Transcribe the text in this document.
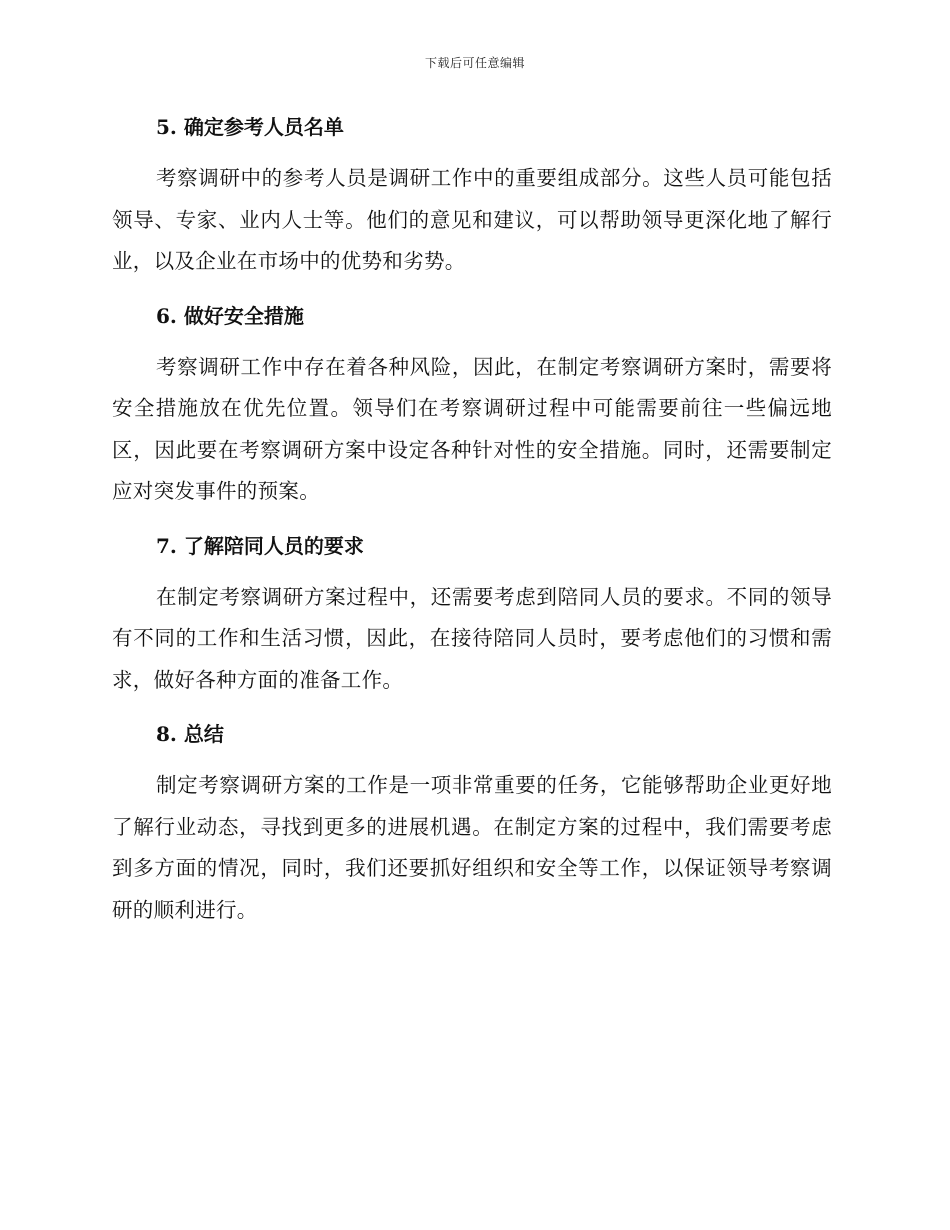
下载后可任意编辑
5. 确定参考人员名单

考察调研中的参考人员是调研工作中的重要组成部分。这些人员可能包括领导、专家、业内人士等。他们的意见和建议，可以帮助领导更深化地了解行业，以及企业在市场中的优势和劣势。

6. 做好安全措施

考察调研工作中存在着各种风险，因此，在制定考察调研方案时，需要将安全措施放在优先位置。领导们在考察调研过程中可能需要前往一些偏远地区，因此要在考察调研方案中设定各种针对性的安全措施。同时，还需要制定应对突发事件的预案。

7. 了解陪同人员的要求

在制定考察调研方案过程中，还需要考虑到陪同人员的要求。不同的领导有不同的工作和生活习惯，因此，在接待陪同人员时，要考虑他们的习惯和需求，做好各种方面的准备工作。

8. 总结

制定考察调研方案的工作是一项非常重要的任务，它能够帮助企业更好地了解行业动态，寻找到更多的进展机遇。在制定方案的过程中，我们需要考虑到多方面的情况，同时，我们还要抓好组织和安全等工作，以保证领导考察调研的顺利进行。
